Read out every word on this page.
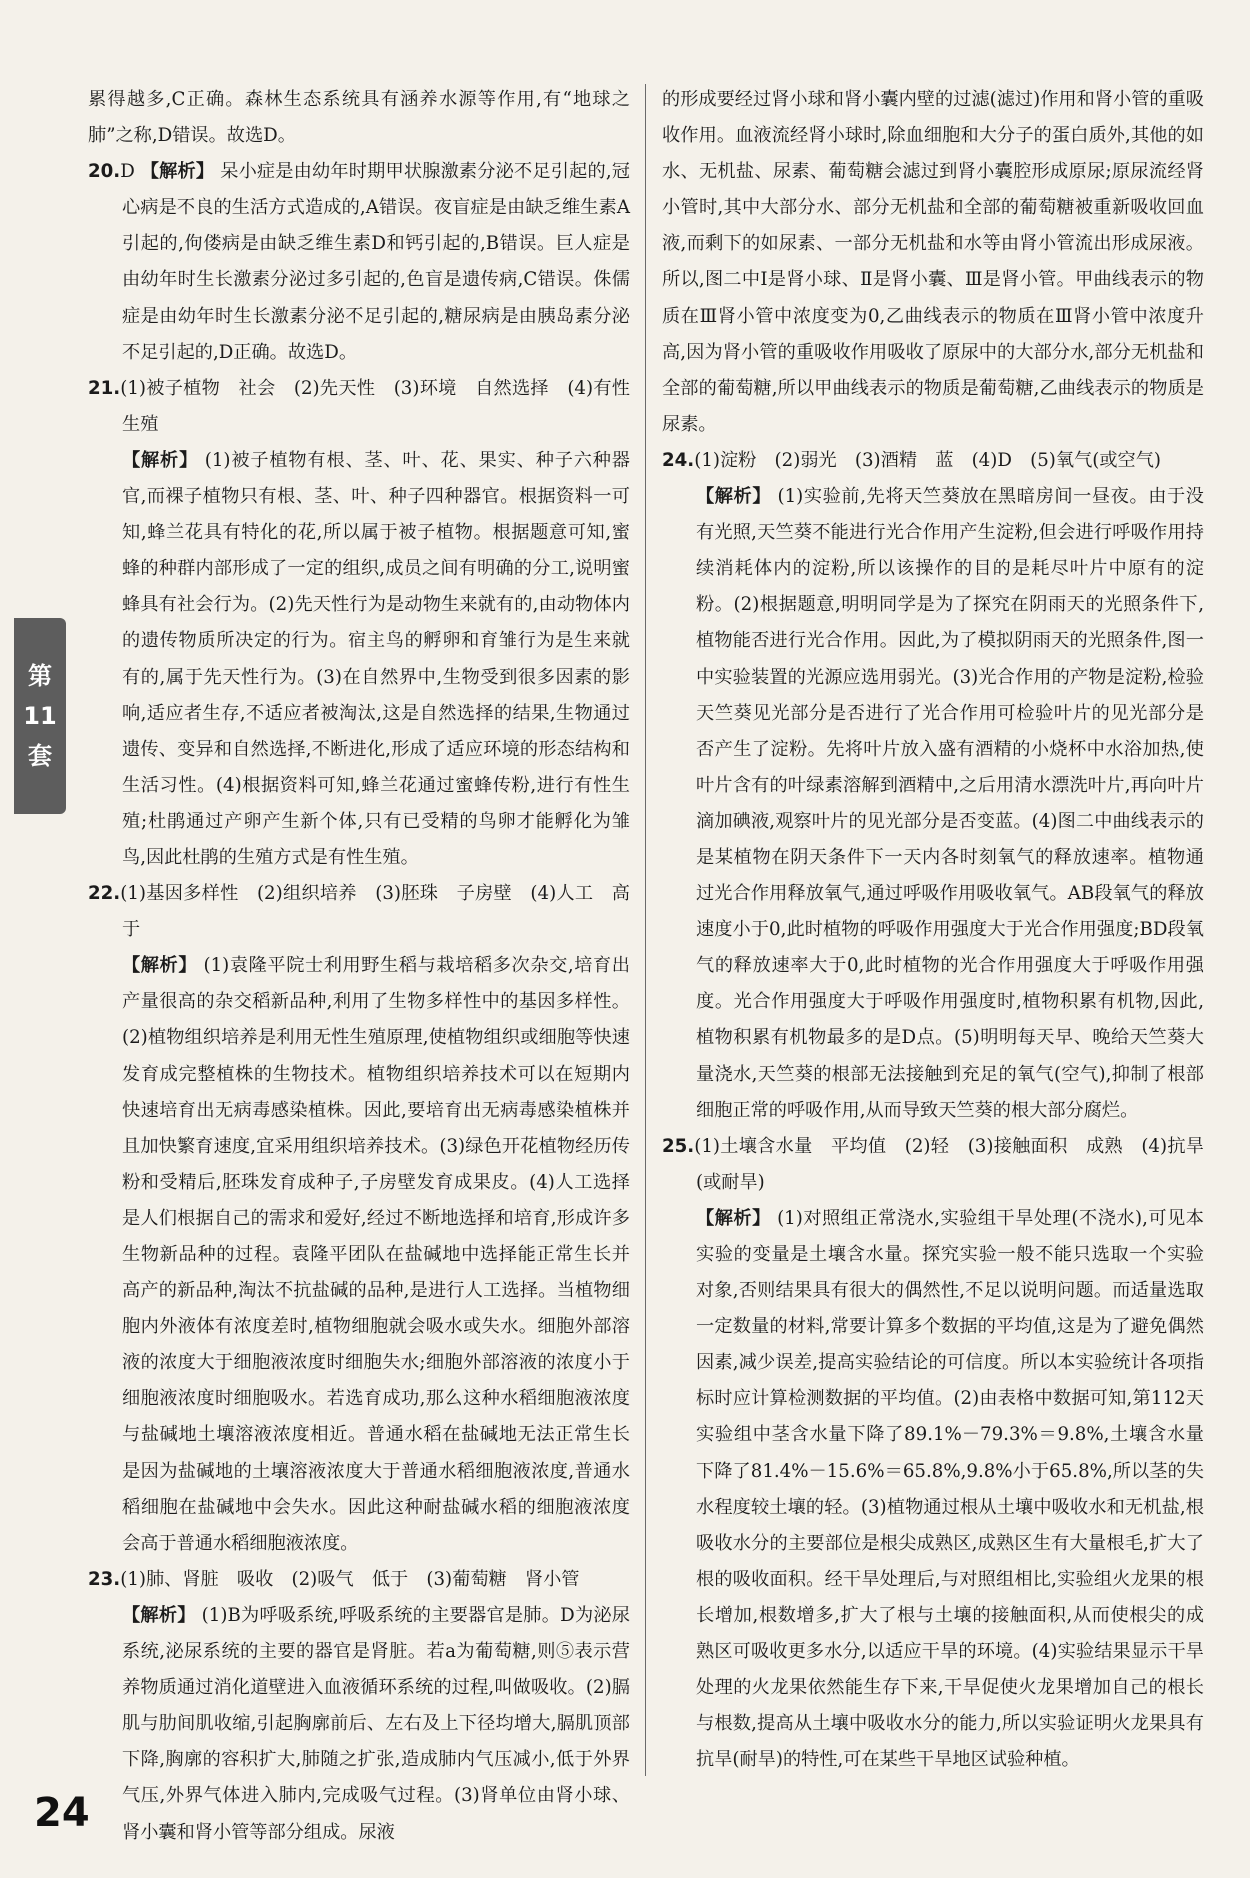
累得越多,C正确。森林生态系统具有涵养水源等作用,有“地球之肺”之称,D错误。故选D。

20.D 【解析】 呆小症是由幼年时期甲状腺激素分泌不足引起的,冠心病是不良的生活方式造成的,A错误。夜盲症是由缺乏维生素A引起的,佝偻病是由缺乏维生素D和钙引起的,B错误。巨人症是由幼年时生长激素分泌过多引起的,色盲是遗传病,C错误。侏儒症是由幼年时生长激素分泌不足引起的,糖尿病是由胰岛素分泌不足引起的,D正确。故选D。

21.(1)被子植物　社会　(2)先天性　(3)环境　自然选择　(4)有性生殖

【解析】 (1)被子植物有根、茎、叶、花、果实、种子六种器官,而裸子植物只有根、茎、叶、种子四种器官。根据资料一可知,蜂兰花具有特化的花,所以属于被子植物。根据题意可知,蜜蜂的种群内部形成了一定的组织,成员之间有明确的分工,说明蜜蜂具有社会行为。(2)先天性行为是动物生来就有的,由动物体内的遗传物质所决定的行为。宿主鸟的孵卵和育雏行为是生来就有的,属于先天性行为。(3)在自然界中,生物受到很多因素的影响,适应者生存,不适应者被淘汰,这是自然选择的结果,生物通过遗传、变异和自然选择,不断进化,形成了适应环境的形态结构和生活习性。(4)根据资料可知,蜂兰花通过蜜蜂传粉,进行有性生殖;杜鹃通过产卵产生新个体,只有已受精的鸟卵才能孵化为雏鸟,因此杜鹃的生殖方式是有性生殖。

22.(1)基因多样性　(2)组织培养　(3)胚珠　子房壁　(4)人工　高于

【解析】 (1)袁隆平院士利用野生稻与栽培稻多次杂交,培育出产量很高的杂交稻新品种,利用了生物多样性中的基因多样性。(2)植物组织培养是利用无性生殖原理,使植物组织或细胞等快速发育成完整植株的生物技术。植物组织培养技术可以在短期内快速培育出无病毒感染植株。因此,要培育出无病毒感染植株并且加快繁育速度,宜采用组织培养技术。(3)绿色开花植物经历传粉和受精后,胚珠发育成种子,子房壁发育成果皮。(4)人工选择是人们根据自己的需求和爱好,经过不断地选择和培育,形成许多生物新品种的过程。袁隆平团队在盐碱地中选择能正常生长并高产的新品种,淘汰不抗盐碱的品种,是进行人工选择。当植物细胞内外液体有浓度差时,植物细胞就会吸水或失水。细胞外部溶液的浓度大于细胞液浓度时细胞失水;细胞外部溶液的浓度小于细胞液浓度时细胞吸水。若选育成功,那么这种水稻细胞液浓度与盐碱地土壤溶液浓度相近。普通水稻在盐碱地无法正常生长是因为盐碱地的土壤溶液浓度大于普通水稻细胞液浓度,普通水稻细胞在盐碱地中会失水。因此这种耐盐碱水稻的细胞液浓度会高于普通水稻细胞液浓度。

23.(1)肺、肾脏　吸收　(2)吸气　低于　(3)葡萄糖　肾小管

【解析】 (1)B为呼吸系统,呼吸系统的主要器官是肺。D为泌尿系统,泌尿系统的主要的器官是肾脏。若a为葡萄糖,则⑤表示营养物质通过消化道壁进入血液循环系统的过程,叫做吸收。(2)膈肌与肋间肌收缩,引起胸廓前后、左右及上下径均增大,膈肌顶部下降,胸廓的容积扩大,肺随之扩张,造成肺内气压减小,低于外界气压,外界气体进入肺内,完成吸气过程。(3)肾单位由肾小球、肾小囊和肾小管等部分组成。尿液

的形成要经过肾小球和肾小囊内壁的过滤(滤过)作用和肾小管的重吸收作用。血液流经肾小球时,除血细胞和大分子的蛋白质外,其他的如水、无机盐、尿素、葡萄糖会滤过到肾小囊腔形成原尿;原尿流经肾小管时,其中大部分水、部分无机盐和全部的葡萄糖被重新吸收回血液,而剩下的如尿素、一部分无机盐和水等由肾小管流出形成尿液。所以,图二中Ⅰ是肾小球、Ⅱ是肾小囊、Ⅲ是肾小管。甲曲线表示的物质在Ⅲ肾小管中浓度变为0,乙曲线表示的物质在Ⅲ肾小管中浓度升高,因为肾小管的重吸收作用吸收了原尿中的大部分水,部分无机盐和全部的葡萄糖,所以甲曲线表示的物质是葡萄糖,乙曲线表示的物质是尿素。

24.(1)淀粉　(2)弱光　(3)酒精　蓝　(4)D　(5)氧气(或空气)

【解析】 (1)实验前,先将天竺葵放在黑暗房间一昼夜。由于没有光照,天竺葵不能进行光合作用产生淀粉,但会进行呼吸作用持续消耗体内的淀粉,所以该操作的目的是耗尽叶片中原有的淀粉。(2)根据题意,明明同学是为了探究在阴雨天的光照条件下,植物能否进行光合作用。因此,为了模拟阴雨天的光照条件,图一中实验装置的光源应选用弱光。(3)光合作用的产物是淀粉,检验天竺葵见光部分是否进行了光合作用可检验叶片的见光部分是否产生了淀粉。先将叶片放入盛有酒精的小烧杯中水浴加热,使叶片含有的叶绿素溶解到酒精中,之后用清水漂洗叶片,再向叶片滴加碘液,观察叶片的见光部分是否变蓝。(4)图二中曲线表示的是某植物在阴天条件下一天内各时刻氧气的释放速率。植物通过光合作用释放氧气,通过呼吸作用吸收氧气。AB段氧气的释放速度小于0,此时植物的呼吸作用强度大于光合作用强度;BD段氧气的释放速率大于0,此时植物的光合作用强度大于呼吸作用强度。光合作用强度大于呼吸作用强度时,植物积累有机物,因此,植物积累有机物最多的是D点。(5)明明每天早、晚给天竺葵大量浇水,天竺葵的根部无法接触到充足的氧气(空气),抑制了根部细胞正常的呼吸作用,从而导致天竺葵的根大部分腐烂。

25.(1)土壤含水量　平均值　(2)轻　(3)接触面积　成熟　(4)抗旱(或耐旱)

【解析】 (1)对照组正常浇水,实验组干旱处理(不浇水),可见本实验的变量是土壤含水量。探究实验一般不能只选取一个实验对象,否则结果具有很大的偶然性,不足以说明问题。而适量选取一定数量的材料,常要计算多个数据的平均值,这是为了避免偶然因素,减少误差,提高实验结论的可信度。所以本实验统计各项指标时应计算检测数据的平均值。(2)由表格中数据可知,第112天实验组中茎含水量下降了89.1%－79.3%＝9.8%,土壤含水量下降了81.4%－15.6%＝65.8%,9.8%小于65.8%,所以茎的失水程度较土壤的轻。(3)植物通过根从土壤中吸收水和无机盐,根吸收水分的主要部位是根尖成熟区,成熟区生有大量根毛,扩大了根的吸收面积。经干旱处理后,与对照组相比,实验组火龙果的根长增加,根数增多,扩大了根与土壤的接触面积,从而使根尖的成熟区可吸收更多水分,以适应干旱的环境。(4)实验结果显示干旱处理的火龙果依然能生存下来,干旱促使火龙果增加自己的根长与根数,提高从土壤中吸收水分的能力,所以实验证明火龙果具有抗旱(耐旱)的特性,可在某些干旱地区试验种植。

第
11
套
24
